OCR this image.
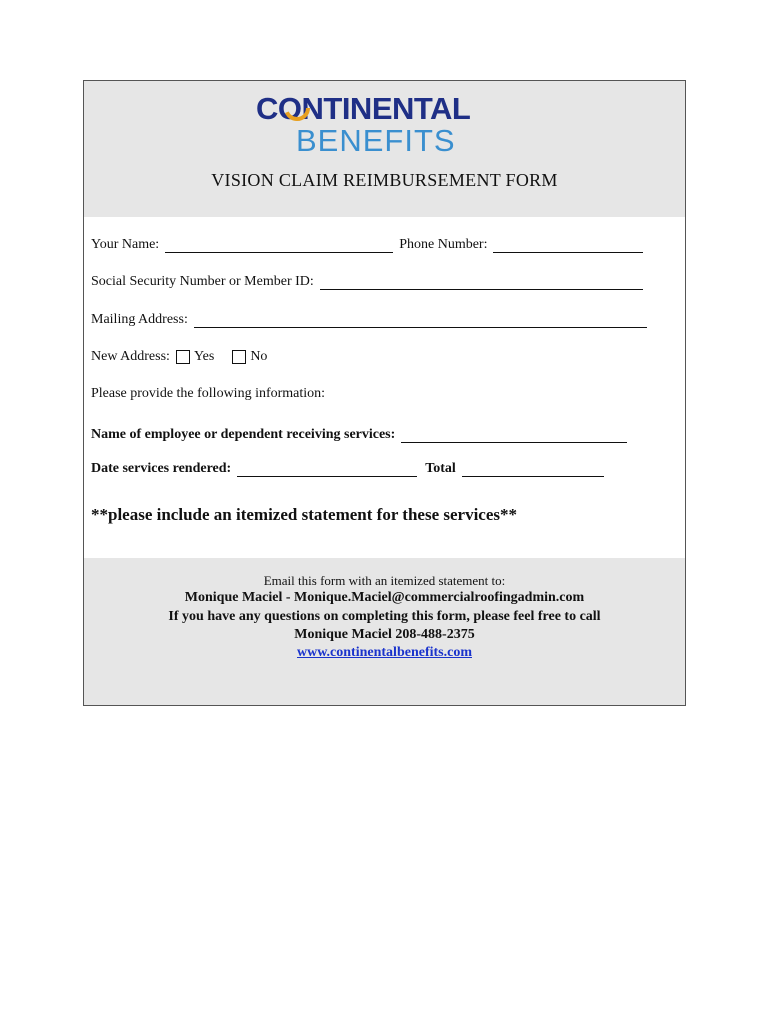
CONTINENTAL
BENEFITS
VISION CLAIM REIMBURSEMENT FORM
Your Name:	Phone Number:
Social Security Number or Member ID:
Mailing Address:
New Address: Yes	No
Please provide the following information:
Name of employee or dependent receiving services:
Date services rendered:	Total
**please include an itemized statement for these services**
Email this form with an itemized statement to:
Monique Maciel - Monique.Maciel@commercialroofingadmin.com
If you have any questions on completing this form, please feel free to call
Monique Maciel 208-488-2375
www.continentalbenefits.com
